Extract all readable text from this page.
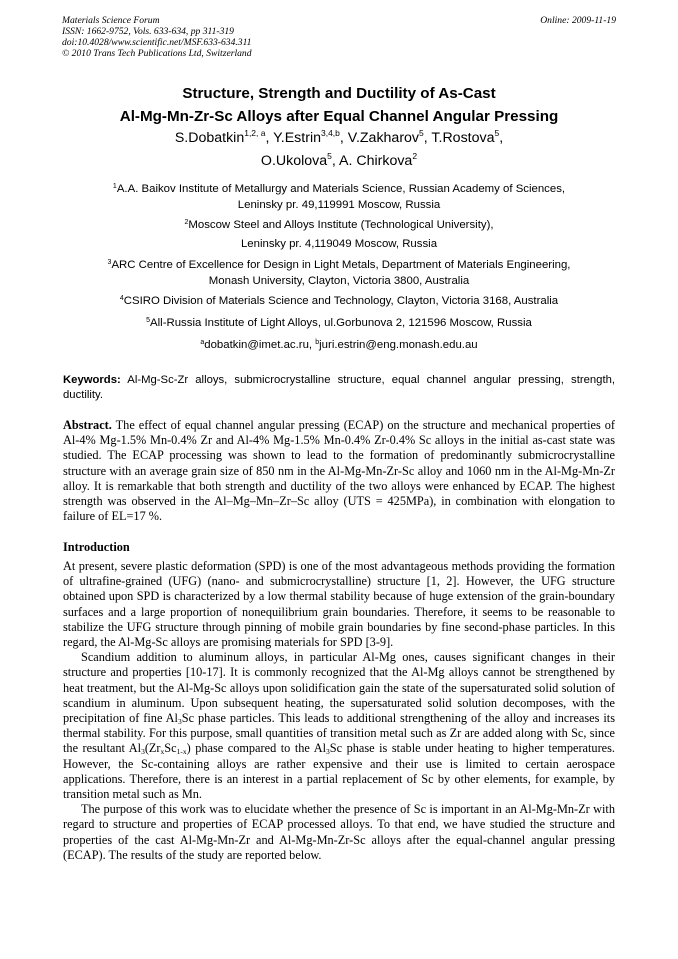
Materials Science Forum
ISSN: 1662-9752, Vols. 633-634, pp 311-319
doi:10.4028/www.scientific.net/MSF.633-634.311
© 2010 Trans Tech Publications Ltd, Switzerland
Online: 2009-11-19
Structure, Strength and Ductility of As-Cast
Al-Mg-Mn-Zr-Sc Alloys after Equal Channel Angular Pressing
S.Dobatkin$^{1,2, a}$, Y.Estrin$^{3,4,b}$, V.Zakharov$^5$, T.Rostova$^5$,
O.Ukolova$^5$, A. Chirkova$^2$
$^1$A.A. Baikov Institute of Metallurgy and Materials Science, Russian Academy of Sciences,
Leninsky pr. 49,119991 Moscow, Russia
$^2$Moscow Steel and Alloys Institute (Technological University),
Leninsky pr. 4,119049 Moscow, Russia
$^3$ARC Centre of Excellence for Design in Light Metals, Department of Materials Engineering,
Monash University, Clayton, Victoria 3800, Australia
$^4$CSIRO Division of Materials Science and Technology, Clayton, Victoria 3168, Australia
$^5$All-Russia Institute of Light Alloys, ul.Gorbunova 2, 121596 Moscow, Russia
$^a$dobatkin@imet.ac.ru, $^b$juri.estrin@eng.monash.edu.au
Keywords: Al-Mg-Sc-Zr alloys, submicrocrystalline structure, equal channel angular pressing, strength, ductility.
Abstract. The effect of equal channel angular pressing (ECAP) on the structure and mechanical properties of Al-4% Mg-1.5% Mn-0.4% Zr and Al-4% Mg-1.5% Mn-0.4% Zr-0.4% Sc alloys in the initial as-cast state was studied. The ECAP processing was shown to lead to the formation of predominantly submicrocrystalline structure with an average grain size of 850 nm in the Al-Mg-Mn-Zr-Sc alloy and 1060 nm in the Al-Mg-Mn-Zr alloy. It is remarkable that both strength and ductility of the two alloys were enhanced by ECAP. The highest strength was observed in the Al–Mg–Mn–Zr–Sc alloy (UTS = 425MPa), in combination with elongation to failure of EL=17 %.
Introduction

At present, severe plastic deformation (SPD) is one of the most advantageous methods providing the formation of ultrafine-grained (UFG) (nano- and submicrocrystalline) structure [1, 2]. However, the UFG structure obtained upon SPD is characterized by a low thermal stability because of huge extension of the grain-boundary surfaces and a large proportion of nonequilibrium grain boundaries. Therefore, it seems to be reasonable to stabilize the UFG structure through pinning of mobile grain boundaries by fine second-phase particles. In this regard, the Al-Mg-Sc alloys are promising materials for SPD [3-9].

Scandium addition to aluminum alloys, in particular Al-Mg ones, causes significant changes in their structure and properties [10-17]. It is commonly recognized that the Al-Mg alloys cannot be strengthened by heat treatment, but the Al-Mg-Sc alloys upon solidification gain the state of the supersaturated solid solution of scandium in aluminum. Upon subsequent heating, the supersaturated solid solution decomposes, with the precipitation of fine $Al_3Sc$ phase particles. This leads to additional strengthening of the alloy and increases its thermal stability. For this purpose, small quantities of transition metal such as Zr are added along with Sc, since the resultant $Al_3(Zr_xSc_{1-x})$ phase compared to the $Al_3Sc$ phase is stable under heating to higher temperatures. However, the Sc-containing alloys are rather expensive and their use is limited to certain aerospace applications. Therefore, there is an interest in a partial replacement of Sc by other elements, for example, by transition metal such as Mn.

The purpose of this work was to elucidate whether the presence of Sc is important in an Al-Mg-Mn-Zr with regard to structure and properties of ECAP processed alloys. To that end, we have studied the structure and properties of the cast Al-Mg-Mn-Zr and Al-Mg-Mn-Zr-Sc alloys after the equal-channel angular pressing (ECAP). The results of the study are reported below.
